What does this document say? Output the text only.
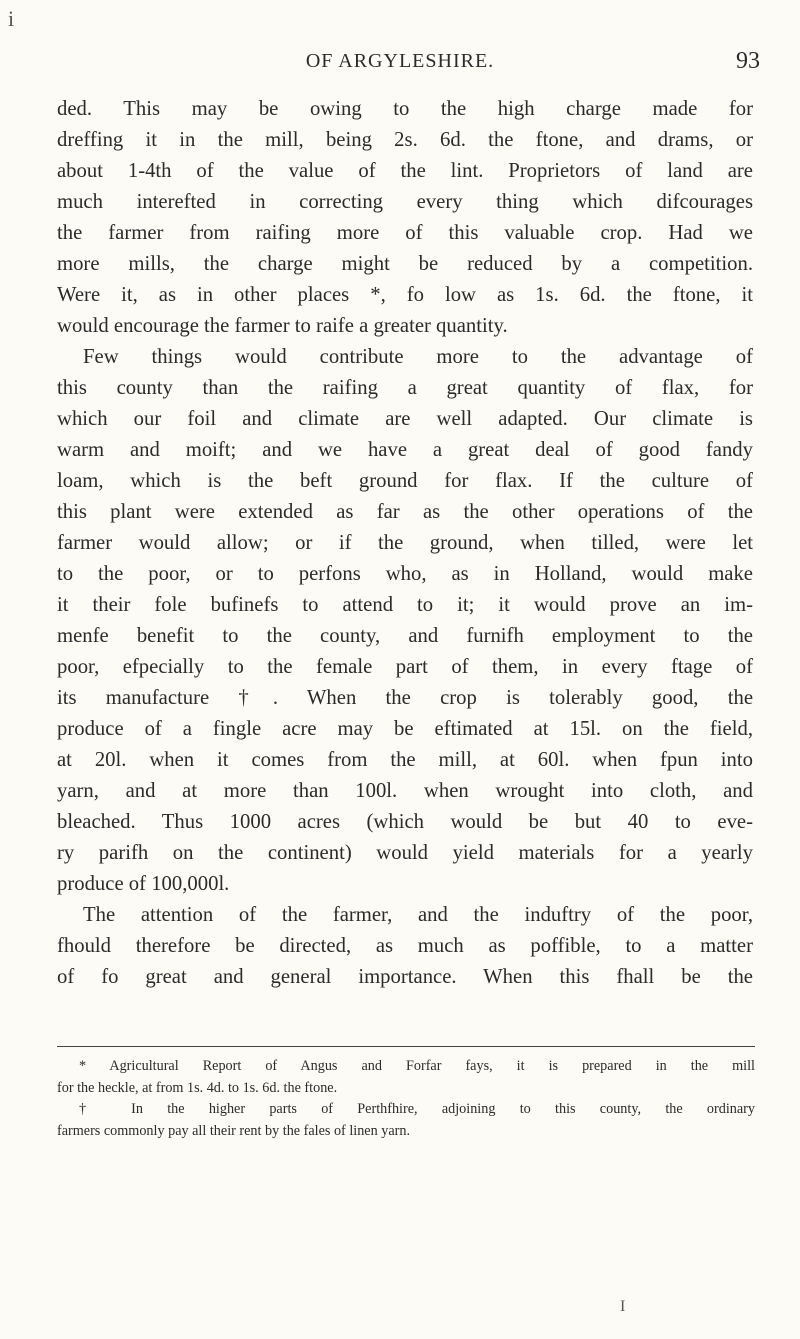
i
OF ARGYLESHIRE.	93
ded. This may be owing to the high charge made for
dreffing it in the mill, being 2s. 6d. the ftone, and drams, or
about 1-4th of the value of the lint. Proprietors of land are
much interefted in correcting every thing which difcourages
the farmer from raifing more of this valuable crop. Had we
more mills, the charge might be reduced by a competition.
Were it, as in other places *, fo low as 1s. 6d. the ftone, it
would encourage the farmer to raife a greater quantity.
Few things would contribute more to the advantage of
this county than the raifing a great quantity of flax, for
which our foil and climate are well adapted. Our climate is
warm and moift; and we have a great deal of good fandy
loam, which is the beft ground for flax. If the culture of
this plant were extended as far as the other operations of the
farmer would allow; or if the ground, when tilled, were let
to the poor, or to perfons who, as in Holland, would make
it their fole bufinefs to attend to it; it would prove an im-
menfe benefit to the county, and furnifh employment to the
poor, efpecially to the female part of them, in every ftage of
its manufacture †. When the crop is tolerably good, the
produce of a fingle acre may be eftimated at 15l. on the field,
at 20l. when it comes from the mill, at 60l. when fpun into
yarn, and at more than 100l. when wrought into cloth, and
bleached. Thus 1000 acres (which would be but 40 to eve-
ry parifh on the continent) would yield materials for a yearly
produce of 100,000l.
The attention of the farmer, and the induftry of the poor,
fhould therefore be directed, as much as poffible, to a matter
of fo great and general importance. When this fhall be the
* Agricultural Report of Angus and Forfar fays, it is prepared in the mill
for the heckle, at from 1s. 4d. to 1s. 6d. the ftone.
† In the higher parts of Perthfhire, adjoining to this county, the ordinary
farmers commonly pay all their rent by the fales of linen yarn.
I
